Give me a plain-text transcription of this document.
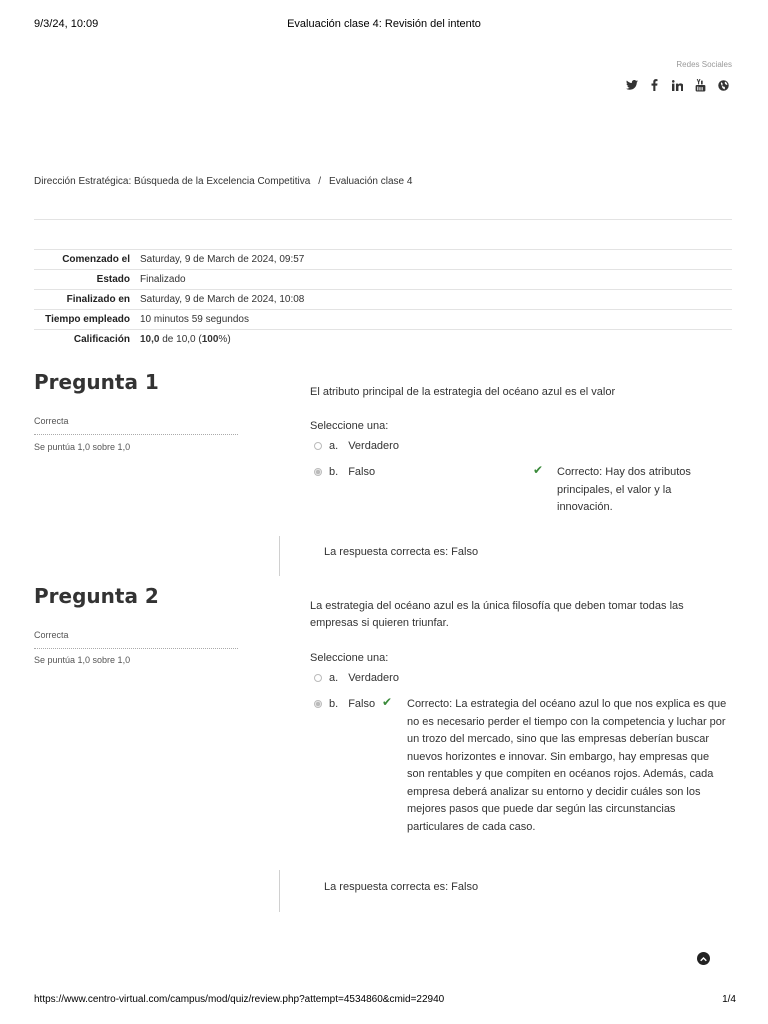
9/3/24, 10:09	Evaluación clase 4: Revisión del intento
Redes Sociales
Dirección Estratégica: Búsqueda de la Excelencia Competitiva / Evaluación clase 4
Comenzado el	Saturday, 9 de March de 2024, 09:57
Estado	Finalizado
Finalizado en	Saturday, 9 de March de 2024, 10:08
Tiempo empleado	10 minutos 59 segundos
Calificación	10,0 de 10,0 (100%)
Pregunta 1
Correcta
Se puntúa 1,0 sobre 1,0
El atributo principal de la estrategia del océano azul es el valor
Seleccione una:
a. Verdadero
b. Falso	✔ Correcto: Hay dos atributos principales, el valor y la innovación.
La respuesta correcta es: Falso
Pregunta 2
Correcta
Se puntúa 1,0 sobre 1,0
La estrategia del océano azul es la única filosofía que deben tomar todas las empresas si quieren triunfar.
Seleccione una:
a. Verdadero
b. Falso ✔ Correcto: La estrategia del océano azul lo que nos explica es que no es necesario perder el tiempo con la competencia y luchar por un trozo del mercado, sino que las empresas deberían buscar nuevos horizontes e innovar. Sin embargo, hay empresas que son rentables y que compiten en océanos rojos. Además, cada empresa deberá analizar su entorno y decidir cuáles son los mejores pasos que puede dar según las circunstancias particulares de cada caso.
La respuesta correcta es: Falso
https://www.centro-virtual.com/campus/mod/quiz/review.php?attempt=4534860&cmid=22940	1/4
